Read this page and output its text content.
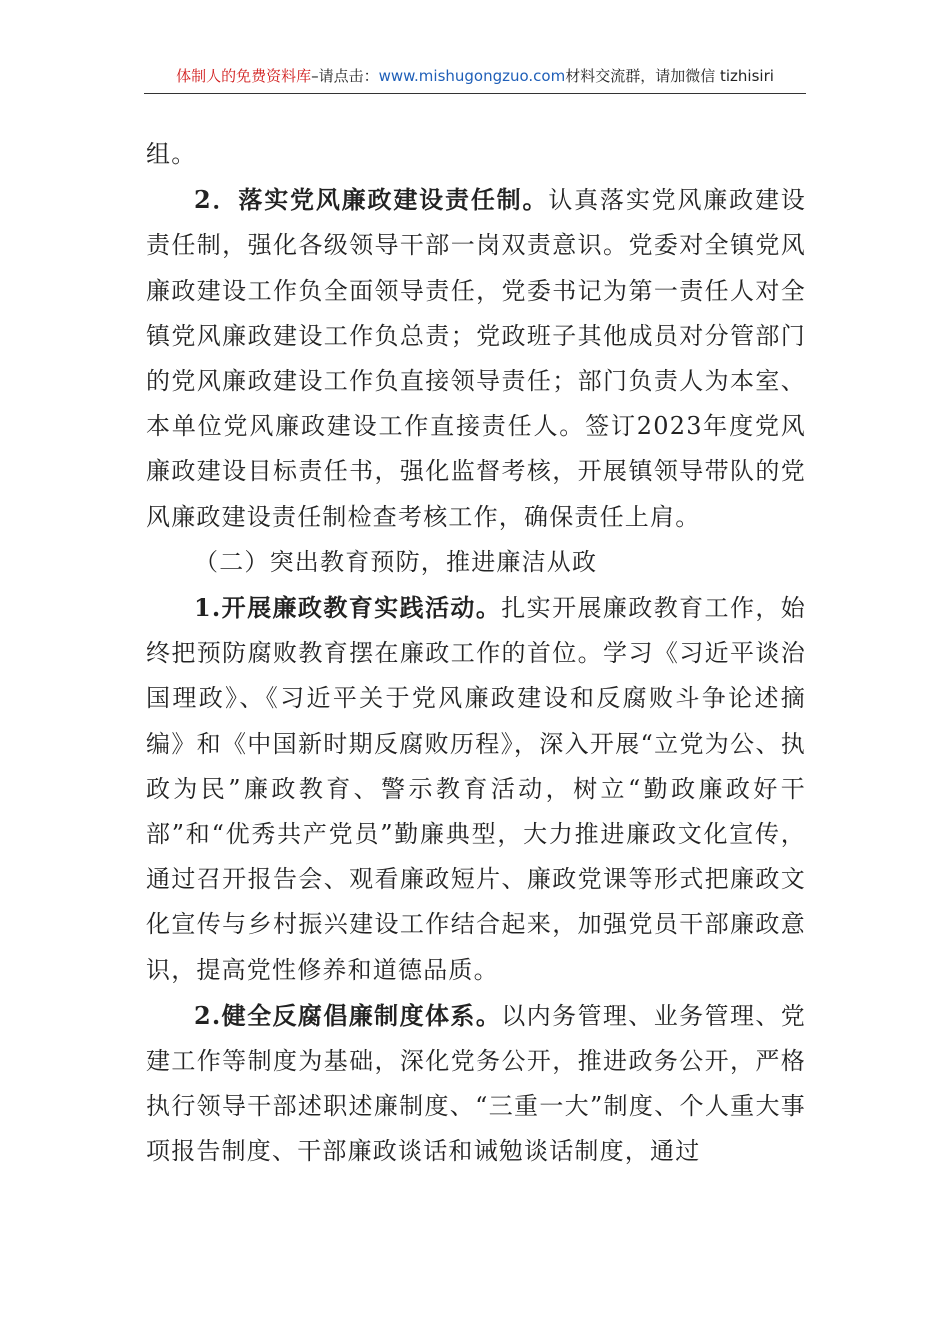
体制人的免费资料库–请点击：www.mishugongzuo.com材料交流群，请加微信 tizhisiri

组。

2．落实党风廉政建设责任制。认真落实党风廉政建设责任制，强化各级领导干部一岗双责意识。党委对全镇党风廉政建设工作负全面领导责任，党委书记为第一责任人对全镇党风廉政建设工作负总责；党政班子其他成员对分管部门的党风廉政建设工作负直接领导责任；部门负责人为本室、本单位党风廉政建设工作直接责任人。签订2023年度党风廉政建设目标责任书，强化监督考核，开展镇领导带队的党风廉政建设责任制检查考核工作，确保责任上肩。

（二）突出教育预防，推进廉洁从政

1.开展廉政教育实践活动。扎实开展廉政教育工作，始终把预防腐败教育摆在廉政工作的首位。学习《习近平谈治国理政》、《习近平关于党风廉政建设和反腐败斗争论述摘编》和《中国新时期反腐败历程》，深入开展“立党为公、执政为民”廉政教育、警示教育活动，树立“勤政廉政好干部”和“优秀共产党员”勤廉典型，大力推进廉政文化宣传，通过召开报告会、观看廉政短片、廉政党课等形式把廉政文化宣传与乡村振兴建设工作结合起来，加强党员干部廉政意识，提高党性修养和道德品质。

2.健全反腐倡廉制度体系。以内务管理、业务管理、党建工作等制度为基础，深化党务公开，推进政务公开，严格执行领导干部述职述廉制度、“三重一大”制度、个人重大事项报告制度、干部廉政谈话和诫勉谈话制度，通过
